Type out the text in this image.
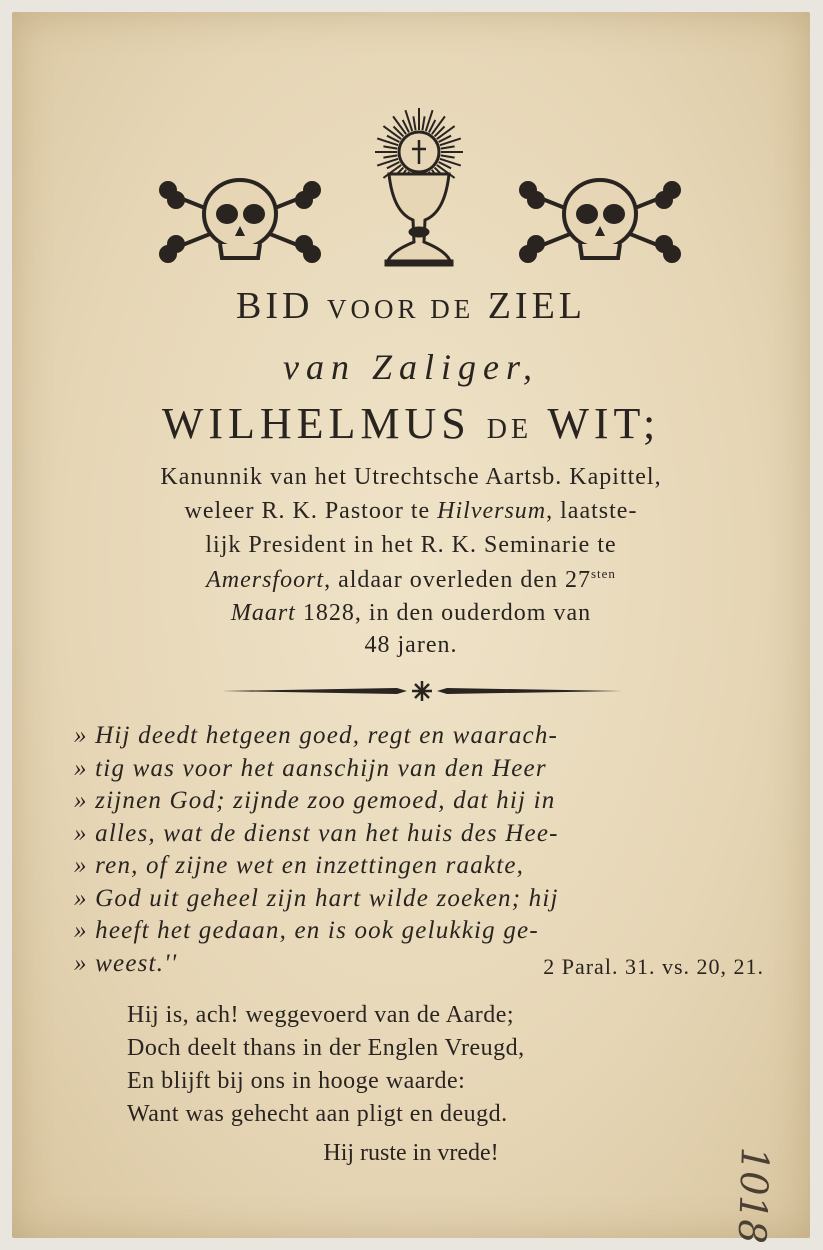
BID VOOR DE ZIEL
van Zaliger,
WILHELMUS DE WIT;
Kanunnik van het Utrechtsche Aartsb. Kapittel,
weleer R. K. Pastoor te Hilversum, laatste-
lijk President in het R. K. Seminarie te
Amersfoort, aldaar overleden den $27^{sten}$
Maart 1828, in den ouderdom van
48 jaren.
» Hij deedt hetgeen goed, regt en waarach-
» tig was voor het aanschijn van den Heer
» zijnen God; zijnde zoo gemoed, dat hij in
» alles, wat de dienst van het huis des Hee-
» ren, of zijne wet en inzettingen raakte,
» God uit geheel zijn hart wilde zoeken; hij
» heeft het gedaan, en is ook gelukkig ge-
» weest.''	2 Paral. 31. vs. 20, 21.
Hij is, ach! weggevoerd van de Aarde;
Doch deelt thans in der Englen Vreugd,
En blijft bij ons in hooge waarde:
Want was gehecht aan pligt en deugd.
Hij ruste in vrede!	1018
